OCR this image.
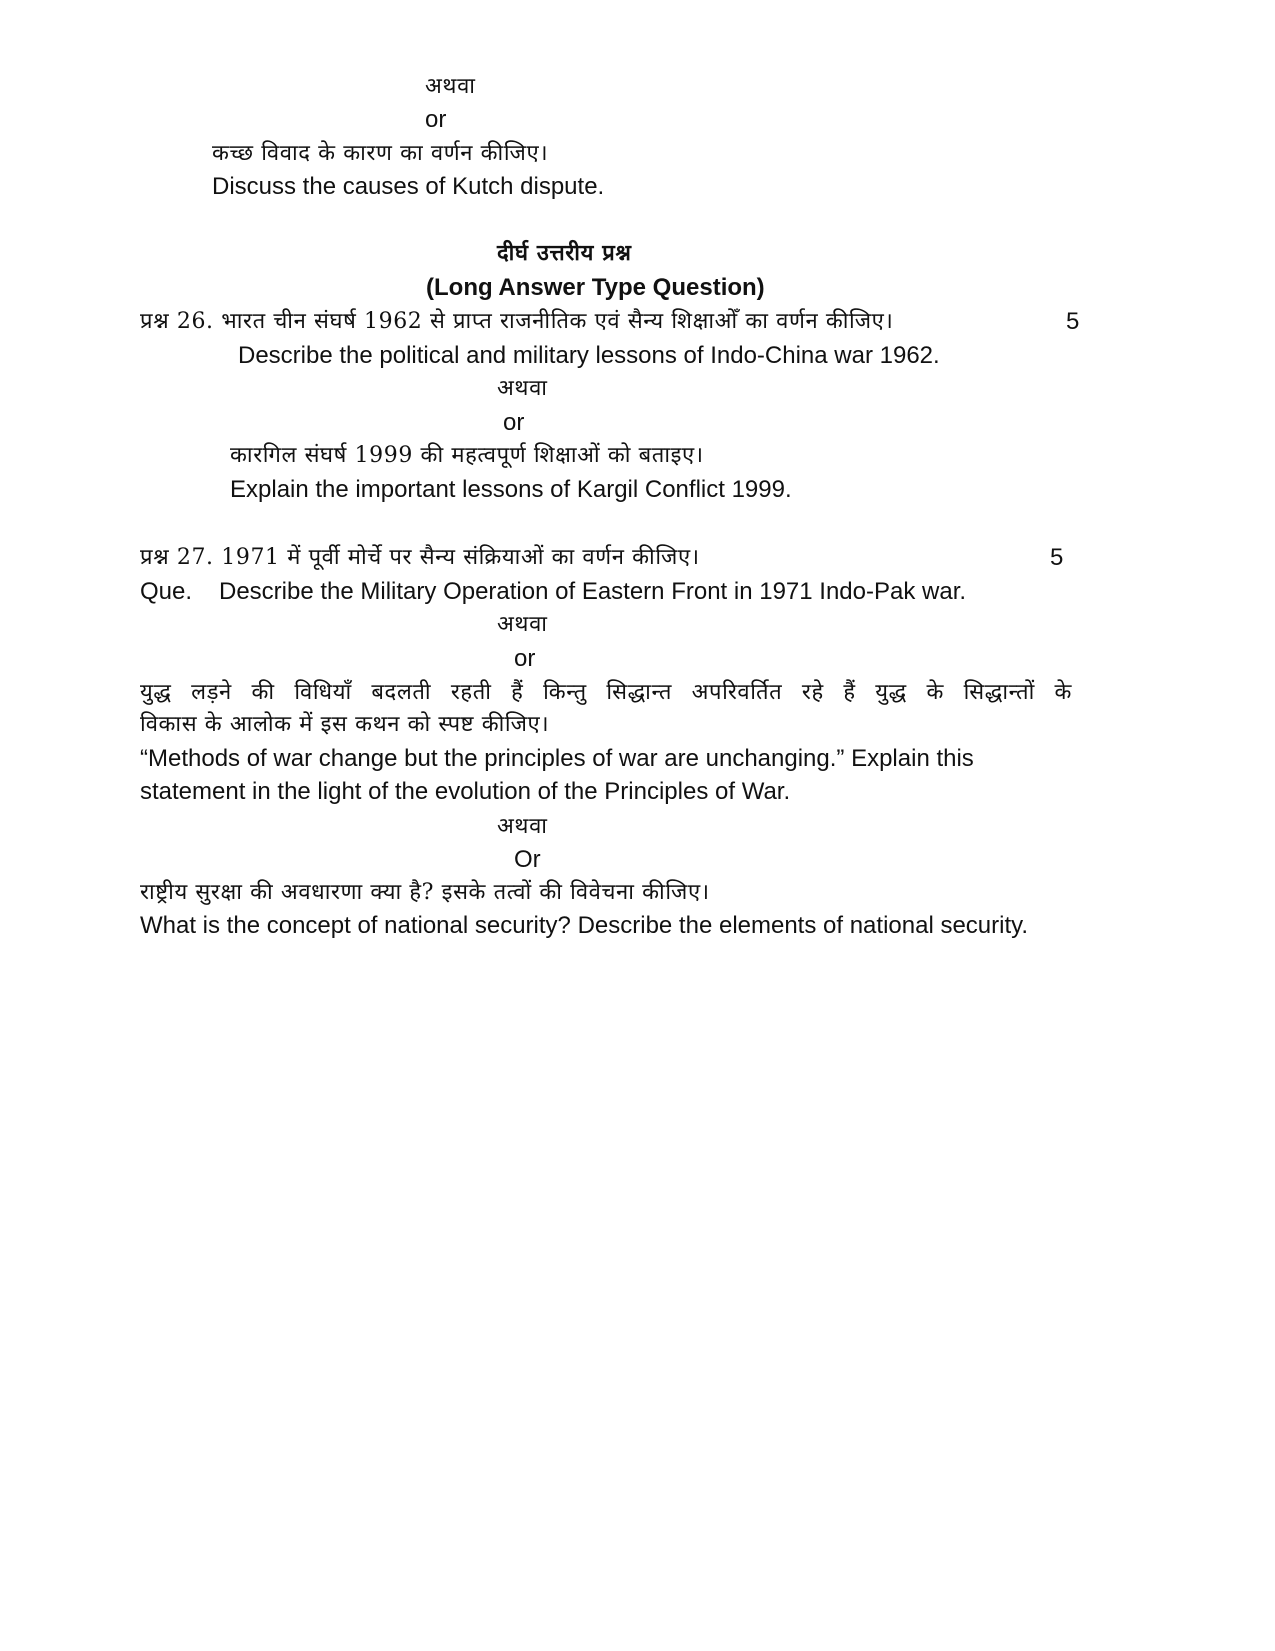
अथवा
or
कच्छ विवाद के कारण का वर्णन कीजिए।
Discuss the causes of Kutch dispute.
दीर्घ उत्तरीय प्रश्न
(Long Answer Type Question)
प्रश्न 26. भारत चीन संघर्ष 1962 से प्राप्त राजनीतिक एवं सैन्य शिक्षाओँ का वर्णन कीजिए।	5
Describe the political and military lessons of Indo-China war 1962.
अथवा
or
कारगिल संघर्ष 1999 की महत्वपूर्ण शिक्षाओं को बताइए।
Explain the important lessons of Kargil Conflict 1999.
प्रश्न 27. 1971 में पूर्वी मोर्चे पर सैन्य संक्रियाओं का वर्णन कीजिए।	5
Que. Describe the Military Operation of Eastern Front in 1971 Indo-Pak war.
अथवा
or
युद्ध लड़ने की विधियाँ बदलती रहती हैं किन्तु सिद्धान्त अपरिवर्तित रहे हैं युद्ध के सिद्धान्तों के
विकास के आलोक में इस कथन को स्पष्ट कीजिए।
“Methods of war change but the principles of war are unchanging.” Explain this
statement in the light of the evolution of the Principles of War.
अथवा
Or
राष्ट्रीय सुरक्षा की अवधारणा क्या है? इसके तत्वों की विवेचना कीजिए।
What is the concept of national security? Describe the elements of national security.
